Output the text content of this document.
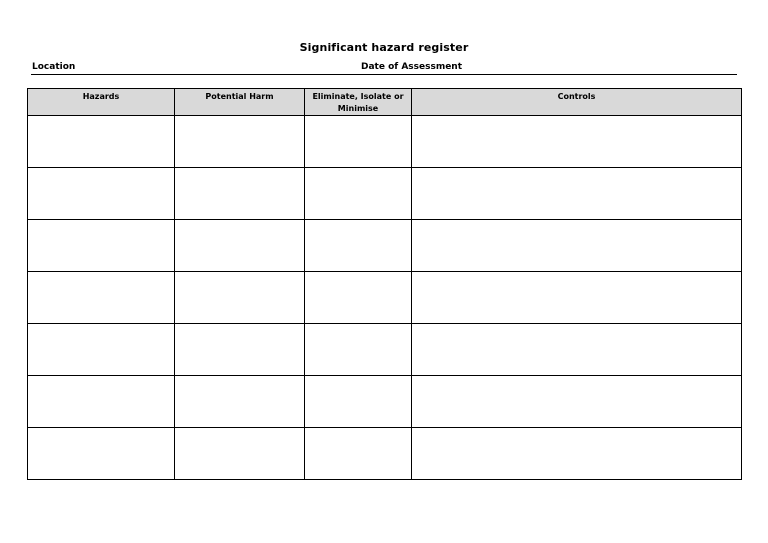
Significant hazard register
Location	Date of Assessment
Hazards	Potential Harm	Eliminate, Isolate or Minimise	Controls
